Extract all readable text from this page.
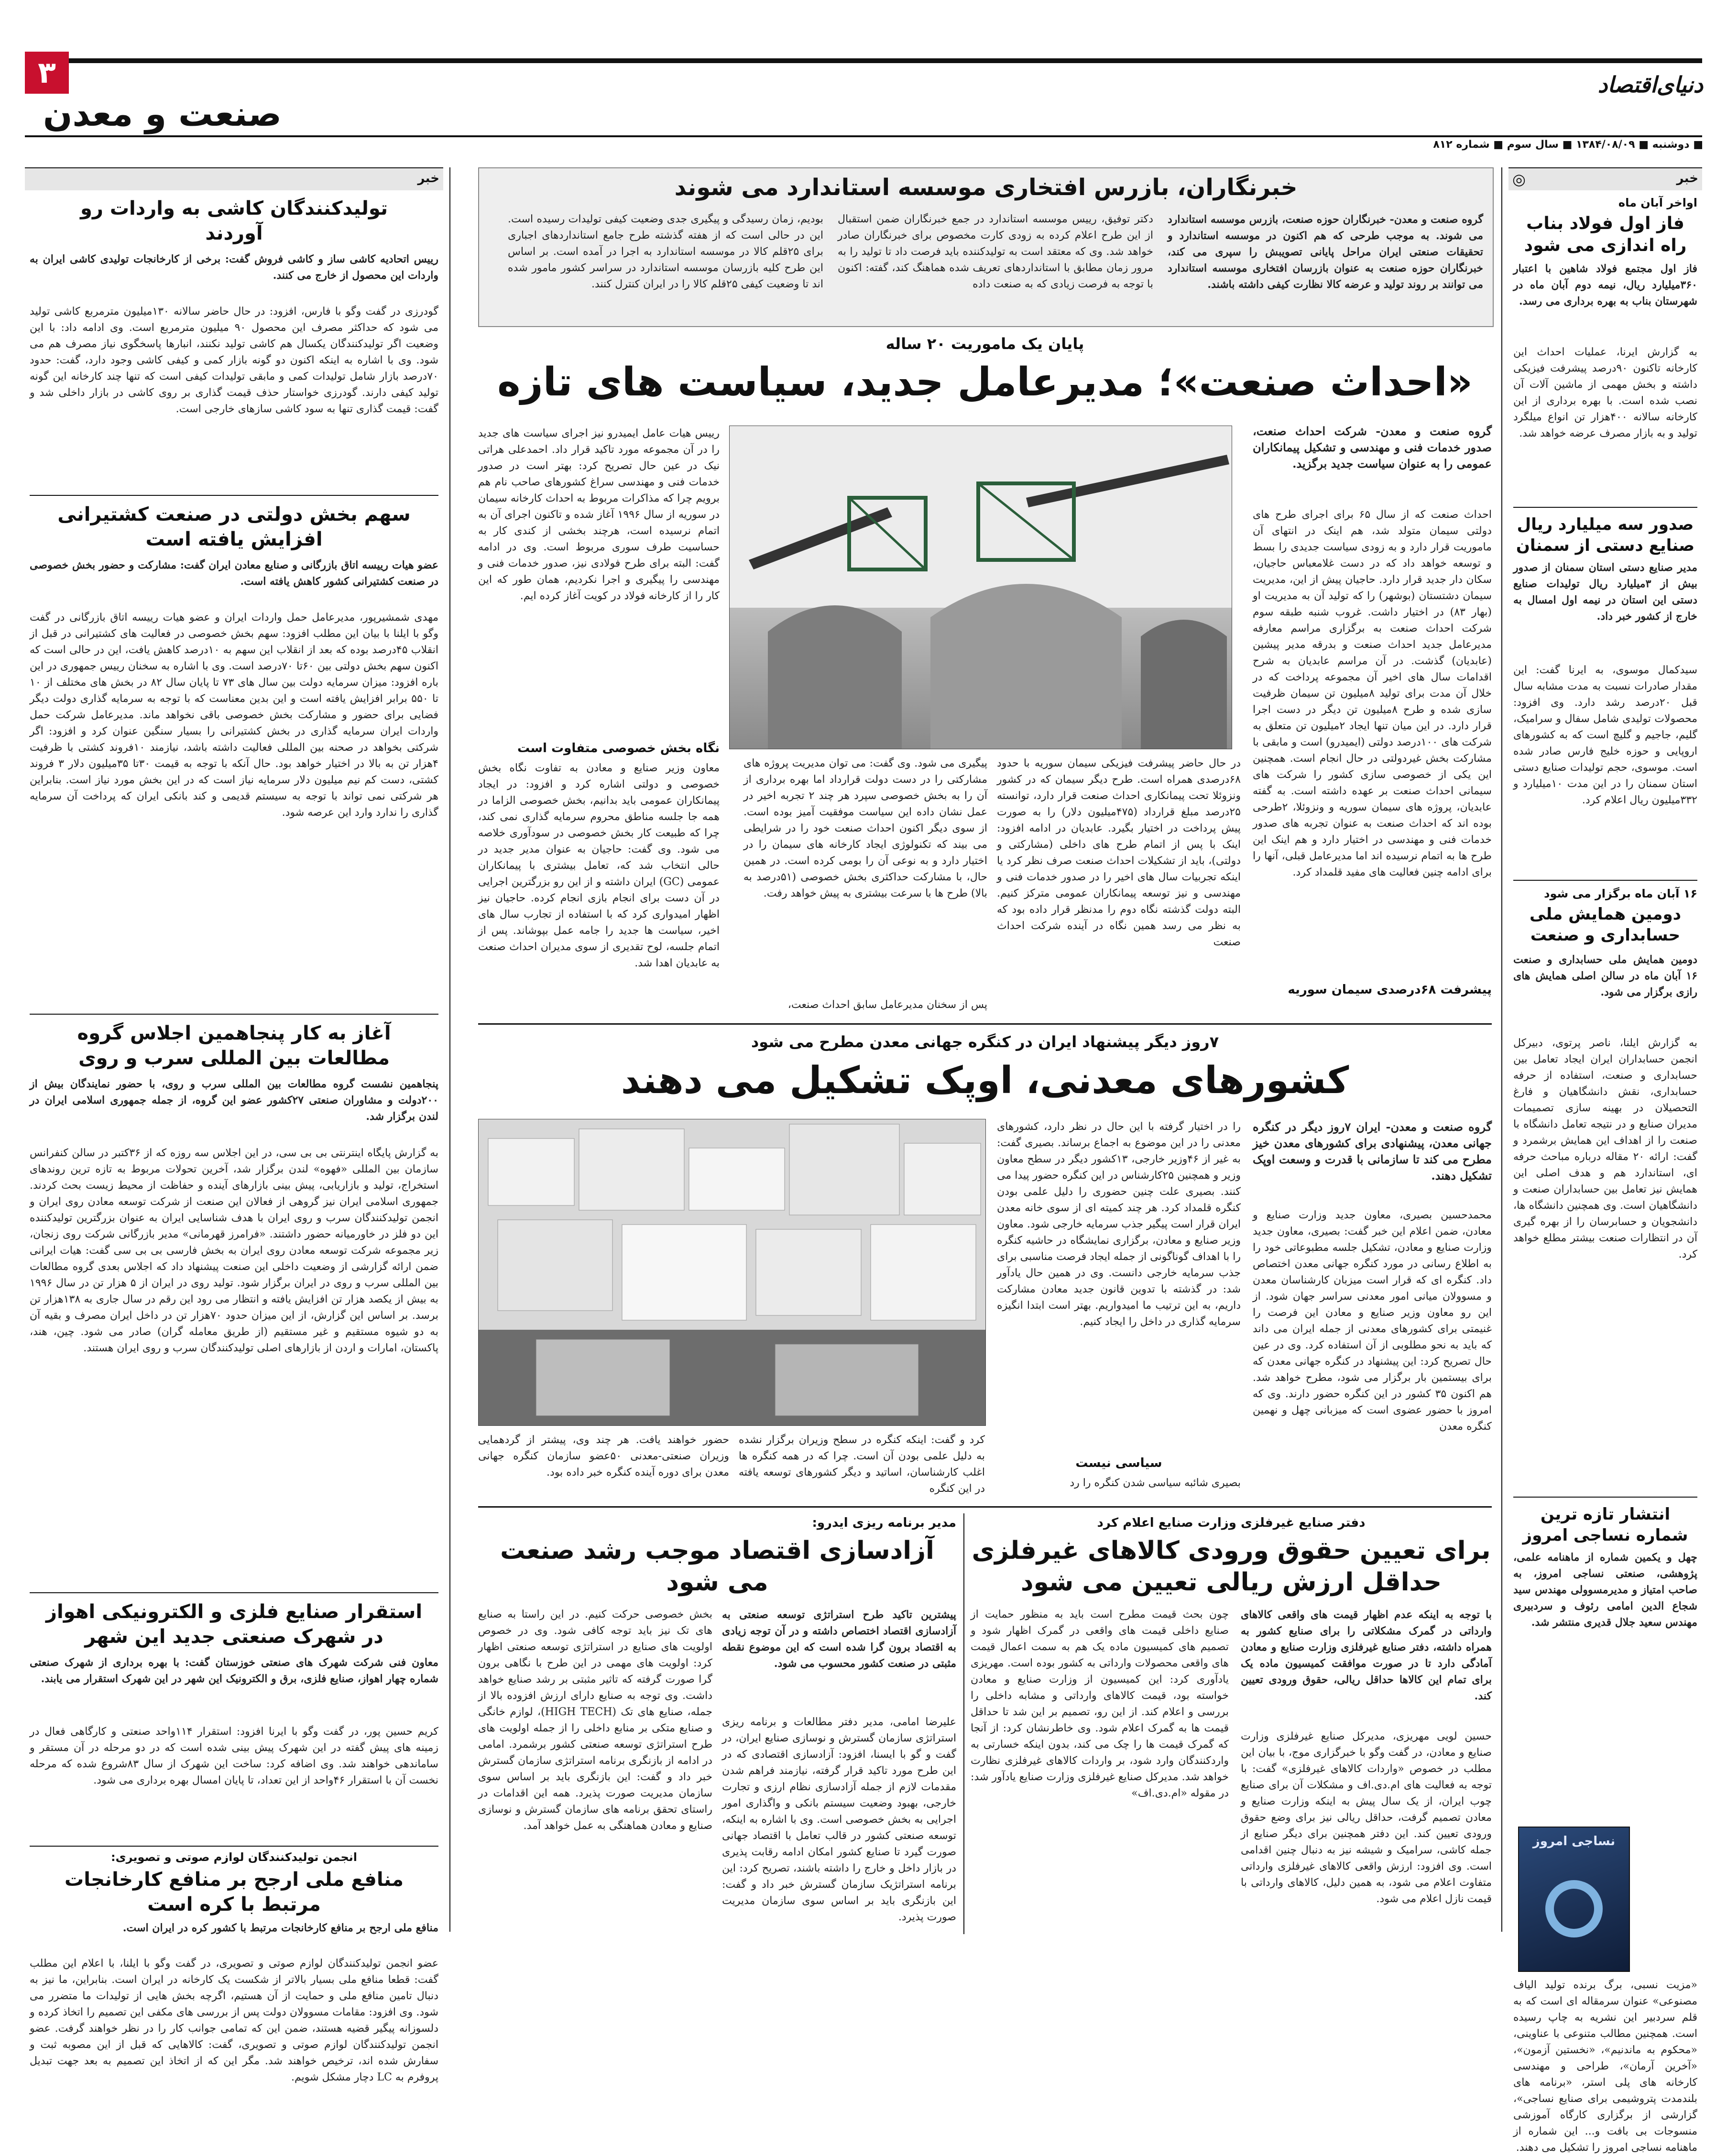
۳
صنعت و معدن
دنیای‌اقتصاد
■ دوشنبه ■ ۱۳۸۴/۰۸/۰۹ ■ سال سوم ■ شماره ۸۱۲
خبر
◎
اواخر آبان ماه
فاز اول فولاد بناب راه اندازی می شود
فاز اول مجتمع فولاد شاهین با اعتبار ۳۶۰میلیارد ریال، نیمه دوم آبان ماه در شهرستان بناب به بهره برداری می رسد.
به گزارش ایرنا، عملیات احداث این کارخانه تاکنون ۹۰درصد پیشرفت فیزیکی داشته و بخش مهمی از ماشین آلات آن نصب شده است. با بهره برداری از این کارخانه سالانه ۴۰۰هزار تن انواع میلگرد تولید و به بازار مصرف عرضه خواهد شد.
صدور سه میلیارد ریال صنایع دستی از سمنان
مدیر صنایع دستی استان سمنان از صدور بیش از ۳میلیارد ریال تولیدات صنایع دستی این استان در نیمه اول امسال به خارج از کشور خبر داد.
سیدکمال موسوی، به ایرنا گفت: این مقدار صادرات نسبت به مدت مشابه سال قبل ۲۰درصد رشد دارد. وی افزود: محصولات تولیدی شامل سفال و سرامیک، گلیم، جاجیم و گلیچ است که به کشورهای اروپایی و حوزه خلیج فارس صادر شده است. موسوی، حجم تولیدات صنایع دستی استان سمنان را در این مدت ۱۰میلیارد و ۳۳۲میلیون ریال اعلام کرد.
۱۶ آبان ماه برگزار می شود
دومین همایش ملی حسابداری و صنعت
دومین همایش ملی حسابداری و صنعت ۱۶ آبان ماه در سالن اصلی همایش های رازی برگزار می شود.
به گزارش ایلنا، ناصر پرتوی، دبیرکل انجمن حسابداران ایران ایجاد تعامل بین حسابداری و صنعت، استفاده از حرفه حسابداری، نقش دانشگاهیان و فارغ التحصیلان در بهینه سازی تصمیمات مدیران صنایع و در نتیجه تعامل دانشگاه با صنعت را از اهداف این همایش برشمرد و گفت: ارائه ۲۰ مقاله درباره مباحث حرفه ای، استاندارد هم و هدف اصلی این همایش نیز تعامل بین حسابداران صنعت و دانشگاهیان است. وی همچنین دانشگاه ها، دانشجویان و حسابرسان را از بهره گیری آن در انتظارات صنعت بیشتر مطلع خواهد کرد.
انتشار تازه ترین شماره نساجی امروز
چهل و یکمین شماره از ماهنامه علمی، پژوهشی، صنعتی نساجی امروز، به صاحب امتیاز و مدیرمسوولی مهندس سید شجاع الدین امامی رئوف و سردبیری مهندس سعید جلال قدیری منتشر شد.
نساجی امروز
«مزیت نسبی، برگ برنده تولید الیاف مصنوعی» عنوان سرمقاله ای است که به قلم سردبیر این نشریه به چاپ رسیده است. همچنین مطالب متنوعی با عناوینی، «محکوم به ماندنیم»، «نخستین آزمون»، «آخرین آرمان»، طراحی و مهندسی کارخانه های پلی استر، «برنامه های بلندمدت پتروشیمی برای صنایع نساجی»، گزارشی از برگزاری کارگاه آموزشی منسوجات بی بافت و... این شماره از ماهنامه نساجی امروز را تشکیل می دهند.
خبرنگاران، بازرس افتخاری موسسه استاندارد می شوند
گروه صنعت و معدن- خبرنگاران حوزه صنعت، بازرس موسسه استاندارد می شوند. به موجب طرحی که هم اکنون در موسسه استاندارد و تحقیقات صنعتی ایران مراحل پایانی تصویبش را سپری می کند، خبرنگاران حوزه صنعت به عنوان بازرسان افتخاری موسسه استاندارد می توانند بر روند تولید و عرضه کالا نظارت کیفی داشته باشند.
دکتر توفیق، رییس موسسه استاندارد در جمع خبرنگاران ضمن استقبال از این طرح اعلام کرده به زودی کارت مخصوص برای خبرنگاران صادر خواهد شد. وی که معتقد است به تولیدکننده باید فرصت داد تا تولید را به مرور زمان مطابق با استانداردهای تعریف شده هماهنگ کند، گفته: اکنون با توجه به فرصت زیادی که به صنعت داده
بودیم، زمان رسیدگی و پیگیری جدی وضعیت کیفی تولیدات رسیده است. این در حالی است که از هفته گذشته طرح جامع استانداردهای اجباری برای ۲۵قلم کالا در موسسه استاندارد به اجرا در آمده است. بر اساس این طرح کلیه بازرسان موسسه استاندارد در سراسر کشور مامور شده اند تا وضعیت کیفی ۲۵قلم کالا را در ایران کنترل کنند.
پایان یک ماموریت ۲۰ ساله
«احداث صنعت»؛ مدیرعامل جدید، سیاست های تازه
گروه صنعت و معدن- شرکت احداث صنعت، صدور خدمات فنی و مهندسی و تشکیل پیمانکاران عمومی را به عنوان سیاست جدید برگزید.
احداث صنعت که از سال ۶۵ برای اجرای طرح های دولتی سیمان متولد شد، هم اینک در انتهای آن ماموریت قرار دارد و به زودی سیاست جدیدی را بسط و توسعه خواهد داد که در دست غلامعباس حاجیان، سکان دار جدید قرار دارد. حاجیان پیش از این، مدیریت سیمان دشتستان (بوشهر) را که تولید آن به مدیریت او (بهار ۸۳) در اختیار داشت. غروب شنبه طبقه سوم شرکت احداث صنعت به برگزاری مراسم معارفه مدیرعامل جدید احداث صنعت و بدرقه مدیر پیشین (عابدیان) گذشت. در آن مراسم عابدیان به شرح اقدامات سال های اخیر آن مجموعه پرداخت که در خلال آن مدت برای تولید ۸میلیون تن سیمان ظرفیت سازی شده و طرح ۸میلیون تن دیگر در دست اجرا قرار دارد. در این میان تنها ایجاد ۲میلیون تن متعلق به شرکت های ۱۰۰درصد دولتی (ایمیدرو) است و مابقی با مشارکت بخش غیردولتی در حال انجام است. همچنین این یکی از خصوصی سازی کشور را شرکت های سیمانی احداث صنعت بر عهده داشته است. به گفته عابدیان، پروژه های سیمان سوریه و ونزوئلا، ۲طرحی بوده اند که احداث صنعت به عنوان تجربه های صدور خدمات فنی و مهندسی در اختیار دارد و هم اینک این طرح ها به اتمام نرسیده اند اما مدیرعامل قبلی، آنها را برای ادامه چنین فعالیت های مفید قلمداد کرد.
پیشرفت ۶۸درصدی سیمان سوریه
در حال حاضر پیشرفت فیزیکی سیمان سوریه با حدود ۶۸درصدی همراه است. طرح دیگر سیمان که در کشور ونزوئلا تحت پیمانکاری احداث صنعت قرار دارد، توانسته ۲۵درصد مبلغ قرارداد (۴۷۵میلیون دلار) را به صورت پیش پرداخت در اختیار بگیرد. عابدیان در ادامه افزود: اینک با پس از اتمام طرح های داخلی (مشارکتی و دولتی)، باید از تشکیلات احداث صنعت صرف نظر کرد یا اینکه تجربیات سال های اخیر را در صدور خدمات فنی و مهندسی و نیز توسعه پیمانکاران عمومی مترکز کنیم. البته دولت گذشته نگاه دوم را مدنظر قرار داده بود که به نظر می رسد همین نگاه در آینده شرکت احداث صنعت
پیگیری می شود. وی گفت: می توان مدیریت پروژه های مشارکتی را در دست دولت قرارداد اما بهره برداری از آن را به بخش خصوصی سپرد هر چند ۲ تجربه اخیر در عمل نشان داده این سیاست موفقیت آمیز بوده است. از سوی دیگر اکنون احداث صنعت خود را در شرایطی می بیند که تکنولوژی ایجاد کارخانه های سیمان را در اختیار دارد و به نوعی آن را بومی کرده است. در همین حال، با مشارکت حداکثری بخش خصوصی (۵۱درصد به بالا) طرح ها با سرعت بیشتری به پیش خواهد رفت.
پس از سخنان مدیرعامل سابق احداث صنعت،
رییس هیات عامل ایمیدرو نیز اجرای سیاست های جدید را در آن مجموعه مورد تاکید قرار داد. احمدعلی هراتی نیک در عین حال تصریح کرد: بهتر است در صدور خدمات فنی و مهندسی سراغ کشورهای صاحب نام هم برویم چرا که مذاکرات مربوط به احداث کارخانه سیمان در سوریه از سال ۱۹۹۶ آغاز شده و تاکنون اجرای آن به اتمام نرسیده است، هرچند بخشی از کندی کار به حساسیت طرف سوری مربوط است. وی در ادامه گفت: البته برای طرح فولادی نیز، صدور خدمات فنی و مهندسی را پیگیری و اجرا نکردیم، همان طور که این کار را از کارخانه فولاد در کویت آغاز کرده ایم.
نگاه بخش خصوصی متفاوت است
معاون وزیر صنایع و معادن به تفاوت نگاه بخش خصوصی و دولتی اشاره کرد و افزود: در ایجاد پیمانکاران عمومی باید بدانیم، بخش خصوصی الزاما در همه جا جلسه مناطق محروم سرمایه گذاری نمی کند، چرا که طبیعت کار بخش خصوصی در سودآوری خلاصه می شود. وی گفت: حاجیان به عنوان مدیر جدید در حالی انتخاب شد که، تعامل بیشتری با پیمانکاران عمومی (GC) ایران داشته و از این رو بزرگترین اجرایی در آن دست برای انجام بازی انجام کرده. حاجیان نیز اظهار امیدواری کرد که با استفاده از تجارب سال های اخیر، سیاست ها جدید را جامه عمل بپوشاند. پس از اتمام جلسه، لوح تقدیری از سوی مدیران احداث صنعت به عابدیان اهدا شد.
۷روز دیگر پیشنهاد ایران در کنگره جهانی معدن مطرح می شود
کشورهای معدنی، اوپک تشکیل می دهند
گروه صنعت و معدن- ایران ۷روز دیگر در کنگره جهانی معدن، پیشنهادی برای کشورهای معدن خیز مطرح می کند تا سازمانی با قدرت و وسعت اوپک تشکیل دهند.
محمدحسین بصیری، معاون جدید وزارت صنایع و معادن، ضمن اعلام این خبر گفت: بصیری، معاون جدید وزارت صنایع و معادن، تشکیل جلسه مطبوعاتی خود را به اطلاع رسانی در مورد کنگره جهانی معدن اختصاص داد. کنگره ای که قرار است میزبان کارشناسان معدن و مسوولان میانی امور معدنی سراسر جهان شود. از این رو معاون وزیر صنایع و معادن این فرصت را غنیمتی برای کشورهای معدنی از جمله ایران می داند که باید به نحو مطلوبی از آن استفاده کرد. وی در عین حال تصریح کرد: این پیشنهاد در کنگره جهانی معدن که برای بیستمین بار برگزار می شود، مطرح خواهد شد. هم اکنون ۳۵ کشور در این کنگره حضور دارند. وی که امروز با حضور عضوی است که میزبانی چهل و نهمین کنگره معدن
را در اختیار گرفته با این حال در نظر دارد، کشورهای معدنی را در این موضوع به اجماع برساند. بصیری گفت: به غیر از ۴۶وزیر خارجی، ۱۳کشور دیگر در سطح معاون وزیر و همچنین ۲۵کارشناس در این کنگره حضور پیدا می کنند. بصیری علت چنین حضوری را دلیل علمی بودن کنگره قلمداد کرد. هر چند کمیته ای از سوی خانه معدن ایران قرار است پیگیر جذب سرمایه خارجی شود. معاون وزیر صنایع و معادن، برگزاری نمایشگاه در حاشیه کنگره را با اهداف گوناگونی از جمله ایجاد فرصت مناسبی برای جذب سرمایه خارجی دانست. وی در همین حال یادآور شد: در گذشته با تدوین قانون جدید معادن مشارکت داریم، به این ترتیب ما امیدواریم. بهتر است ابتدا انگیزه سرمایه گذاری در داخل را ایجاد کنیم.
سیاسی نیست
بصیری شائبه سیاسی شدن کنگره را رد
کرد و گفت: اینکه کنگره در سطح وزیران برگزار نشده به دلیل علمی بودن آن است. چرا که در همه کنگره ها اغلب کارشناسان، اساتید و دیگر کشورهای توسعه یافته در این کنگره
حضور خواهند یافت. هر چند وی، پیشتر از گردهمایی وزیران صنعتی-معدنی ۵۰عضو سازمان کنگره جهانی معدن برای دوره آینده کنگره خبر داده بود.
دفتر صنایع غیرفلزی وزارت صنایع اعلام کرد
برای تعیین حقوق ورودی کالاهای غیرفلزی حداقل ارزش ریالی تعیین می شود
با توجه به اینکه عدم اظهار قیمت های واقعی کالاهای وارداتی در گمرک مشکلاتی را برای صنایع کشور به همراه داشته، دفتر صنایع غیرفلزی وزارت صنایع و معادن آمادگی دارد تا در صورت موافقت کمیسیون ماده یک برای تمام این کالاها حداقل ریالی، حقوق ورودی تعیین کند.
حسین لویی مهریزی، مدیرکل صنایع غیرفلزی وزارت صنایع و معادن، در گفت وگو با خبرگزاری موج، با بیان این مطلب در خصوص «واردات کالاهای غیرفلزی» گفت: با توجه به فعالیت های ام.دی.اف و مشکلات آن برای صنایع چوب ایران، از یک سال پیش به اینکه وزارت صنایع و معادن تصمیم گرفت، حداقل ریالی نیز برای وضع حقوق ورودی تعیین کند. این دفتر همچنین برای دیگر صنایع از جمله کاشی، سرامیک و شیشه نیز به دنبال چنین اقدامی است. وی افزود: ارزش واقعی کالاهای غیرفلزی وارداتی متفاوت اعلام می شود، به همین دلیل، کالاهای وارداتی با قیمت نازل اعلام می شود.
چون بحث قیمت مطرح است باید به منظور حمایت از صنایع داخلی قیمت های واقعی در گمرک اظهار شود و تصمیم های کمیسیون ماده یک هم به سمت اعمال قیمت های واقعی محصولات وارداتی به کشور بوده است. مهریزی یادآوری کرد: این کمیسیون از وزارت صنایع و معادن خواسته بود، قیمت کالاهای وارداتی و مشابه داخلی را بررسی و اعلام کند. از این رو، تصمیم بر این شد تا حداقل قیمت ها به گمرک اعلام شود. وی خاطرنشان کرد: از آنجا که گمرک قیمت ها را چک می کند، بدون اینکه خسارتی به واردکنندگان وارد شود، بر واردات کالاهای غیرفلزی نظارت خواهد شد. مدیرکل صنایع غیرفلزی وزارت صنایع یادآور شد: در مقوله «ام.دی.اف»
مدیر برنامه ریزی ایدرو:
آزادسازی اقتصاد موجب رشد صنعت می شود
پیشترین تاکید طرح استراتژی توسعه صنعتی به آزادسازی اقتصاد اختصاص داشته و در آن توجه زیادی به اقتصاد برون گرا شده است که این موضوع نقطه مثبتی در صنعت کشور محسوب می شود.
علیرضا امامی، مدیر دفتر مطالعات و برنامه ریزی استراتژی سازمان گسترش و نوسازی صنایع ایران، در گفت و گو با ایسنا، افزود: آزادسازی اقتصادی که در این طرح مورد تاکید قرار گرفته، نیازمند فراهم شدن مقدمات لازم از جمله آزادسازی نظام ارزی و تجارت خارجی، بهبود وضعیت سیستم بانکی و واگذاری امور اجرایی به بخش خصوصی است. وی با اشاره به اینکه، توسعه صنعتی کشور در قالب تعامل با اقتصاد جهانی صورت گیرد تا صنایع کشور امکان ادامه رقابت پذیری در بازار داخل و خارج را داشته باشند، تصریح کرد: این برنامه استراتژیک سازمان گسترش خبر داد و گفت: این بازنگری باید بر اساس سوی سازمان مدیریت صورت پذیرد.
بخش خصوصی حرکت کنیم. در این راستا به صنایع های تک نیز باید توجه کافی شود. وی در خصوص اولویت های صنایع در استراتژی توسعه صنعتی اظهار کرد: اولویت های مهمی در این طرح با نگاهی برون گرا صورت گرفته که تاثیر مثبتی بر رشد صنایع خواهد داشت. وی توجه به صنایع دارای ارزش افزوده بالا از جمله، صنایع های تک (HIGH TECH)، لوازم خانگی و صنایع متکی بر منابع داخلی را از جمله اولویت های طرح استراتژی توسعه صنعتی کشور برشمرد. امامی در ادامه از بازنگری برنامه استراتژی سازمان گسترش خبر داد و گفت: این بازنگری باید بر اساس سوی سازمان مدیریت صورت پذیرد. همه این اقدامات در راستای تحقق برنامه های سازمان گسترش و نوسازی صنایع و معادن هماهنگی به عمل خواهد آمد.
خبر
تولیدکنندگان کاشی به واردات رو آوردند
رییس اتحادیه کاشی ساز و کاشی فروش گفت: برخی از کارخانجات تولیدی کاشی ایران به واردات این محصول از خارج می کنند.
گودرزی در گفت وگو با فارس، افزود: در حال حاضر سالانه ۱۳۰میلیون مترمربع کاشی تولید می شود که حداکثر مصرف این محصول ۹۰ میلیون مترمربع است. وی ادامه داد: با این وضعیت اگر تولیدکنندگان یکسال هم کاشی تولید نکنند، انبارها پاسخگوی نیاز مصرف هم می شود. وی با اشاره به اینکه اکنون دو گونه بازار کمی و کیفی کاشی وجود دارد، گفت: حدود ۷۰درصد بازار شامل تولیدات کمی و مابقی تولیدات کیفی است که تنها چند کارخانه این گونه تولید کیفی دارند. گودرزی خواستار حذف قیمت گذاری بر روی کاشی در بازار داخلی شد و گفت: قیمت گذاری تنها به سود کاشی سازهای خارجی است.
سهم بخش دولتی در صنعت کشتیرانی افزایش یافته است
عضو هیات رییسه اتاق بازرگانی و صنایع معادن ایران گفت: مشارکت و حضور بخش خصوصی در صنعت کشتیرانی کشور کاهش یافته است.
مهدی شمشیرپور، مدیرعامل حمل واردات ایران و عضو هیات رییسه اتاق بازرگانی در گفت وگو با ایلنا با بیان این مطلب افزود: سهم بخش خصوصی در فعالیت های کشتیرانی در قبل از انقلاب ۴۵درصد بوده که بعد از انقلاب این سهم به ۱۰درصد کاهش یافت، این در حالی است که اکنون سهم بخش دولتی بین ۶۰تا ۷۰درصد است. وی با اشاره به سخنان رییس جمهوری در این باره افزود: میزان سرمایه دولت بین سال های ۷۳ تا پایان سال ۸۲ در بخش های مختلف از ۱۰ تا ۵۵۰ برابر افزایش یافته است و این بدین معناست که با توجه به سرمایه گذاری دولت دیگر فضایی برای حضور و مشارکت بخش خصوصی باقی نخواهد ماند. مدیرعامل شرکت حمل واردات ایران سرمایه گذاری در بخش کشتیرانی را بسیار سنگین عنوان کرد و افزود: اگر شرکتی بخواهد در صحنه بین المللی فعالیت داشته باشد، نیازمند ۱۰فروند کشتی با ظرفیت ۴هزار تن به بالا در اختیار خواهد بود. حال آنکه با توجه به قیمت ۳۰تا ۳۵میلیون دلار ۳ فروند کشتی، دست کم نیم میلیون دلار سرمایه نیاز است که در این بخش مورد نیاز است. بنابراین هر شرکتی نمی تواند با توجه به سیستم قدیمی و کند بانکی ایران که پرداخت آن سرمایه گذاری را ندارد وارد این عرصه شود.
آغاز به کار پنجاهمین اجلاس گروه مطالعات بین المللی سرب و روی
پنجاهمین نشست گروه مطالعات بین المللی سرب و روی، با حضور نمایندگان بیش از ۲۰۰دولت و مشاوران صنعتی ۲۷کشور عضو این گروه، از جمله جمهوری اسلامی ایران در لندن برگزار شد.
به گزارش پایگاه اینترنتی بی بی سی، در این اجلاس سه روزه که از ۳۶کتبر در سالن کنفرانس سازمان بین المللی «فهوه» لندن برگزار شد، آخرین تحولات مربوط به تازه ترین روندهای استخراج، تولید و بازاریابی، پیش بینی بازارهای آینده و حفاظت از محیط زیست بحث کردند. جمهوری اسلامی ایران نیز گروهی از فعالان این صنعت از شرکت توسعه معادن روی ایران و انجمن تولیدکنندگان سرب و روی ایران با هدف شناسایی ایران به عنوان بزرگترین تولیدکننده این دو فلز در خاورمیانه حضور داشتند. «فرامرز قهرمانی» مدیر بازرگانی شرکت روی زنجان، زیر مجموعه شرکت توسعه معادن روی ایران به بخش فارسی بی بی سی گفت: هیات ایرانی ضمن ارائه گزارشی از وضعیت داخلی این صنعت پیشنهاد داد که اجلاس بعدی گروه مطالعات بین المللی سرب و روی در ایران برگزار شود. تولید روی در ایران از ۵ هزار تن در سال ۱۹۹۶ به بیش از یکصد هزار تن افزایش یافته و انتظار می رود این رقم در سال جاری به ۱۳۸هزار تن برسد. بر اساس این گزارش، از این میزان حدود ۷۰هزار تن در داخل ایران مصرف و بقیه آن به دو شیوه مستقیم و غیر مستقیم (از طریق معامله گران) صادر می شود. چین، هند، پاکستان، امارات و اردن از بازارهای اصلی تولیدکنندگان سرب و روی ایران هستند.
استقرار صنایع فلزی و الکترونیکی اهواز در شهرک صنعتی جدید این شهر
معاون فنی شرکت شهرک های صنعتی خوزستان گفت: با بهره برداری از شهرک صنعتی شماره چهار اهواز، صنایع فلزی، برق و الکترونیک این شهر در این شهرک استقرار می یابند.
کریم حسین پور، در گفت وگو با ایرنا افزود: استقرار ۱۱۴واحد صنعتی و کارگاهی فعال در زمینه های پیش گفته در این شهرک پیش بینی شده است که در دو مرحله در آن مستقر و ساماندهی خواهند شد. وی اضافه کرد: ساخت این شهرک از سال ۸۳شروع شده که مرحله نخست آن با استقرار ۴۶واحد از این تعداد، تا پایان امسال بهره برداری می شود.
انجمن تولیدکنندگان لوازم صوتی و تصویری:
منافع ملی ارجح بر منافع کارخانجات مرتبط با کره است
منافع ملی ارجح بر منافع کارخانجات مرتبط با کشور کره در ایران است.
عضو انجمن تولیدکنندگان لوازم صوتی و تصویری، در گفت وگو با ایلنا، با اعلام این مطلب گفت: قطعا منافع ملی بسیار بالاتر از شکست یک کارخانه در ایران است. بنابراین، ما نیز به دنبال تامین منافع ملی و حمایت از آن هستیم، اگرچه بخش هایی از تولیدات ما متضرر می شود. وی افزود: مقامات مسوولان دولت پس از بررسی های مکفی این تصمیم را اتخاذ کرده و دلسوزانه پیگیر قضیه هستند، ضمن این که تمامی جوانب کار را در نظر خواهند گرفت. عضو انجمن تولیدکنندگان لوازم صوتی و تصویری، گفت: کالاهایی که قبل از این مصوبه ثبت و سفارش شده اند، ترخیص خواهند شد. مگر این که از اتخاذ این تصمیم به بعد جهت تبدیل پروفرم به LC دچار مشکل شویم.
